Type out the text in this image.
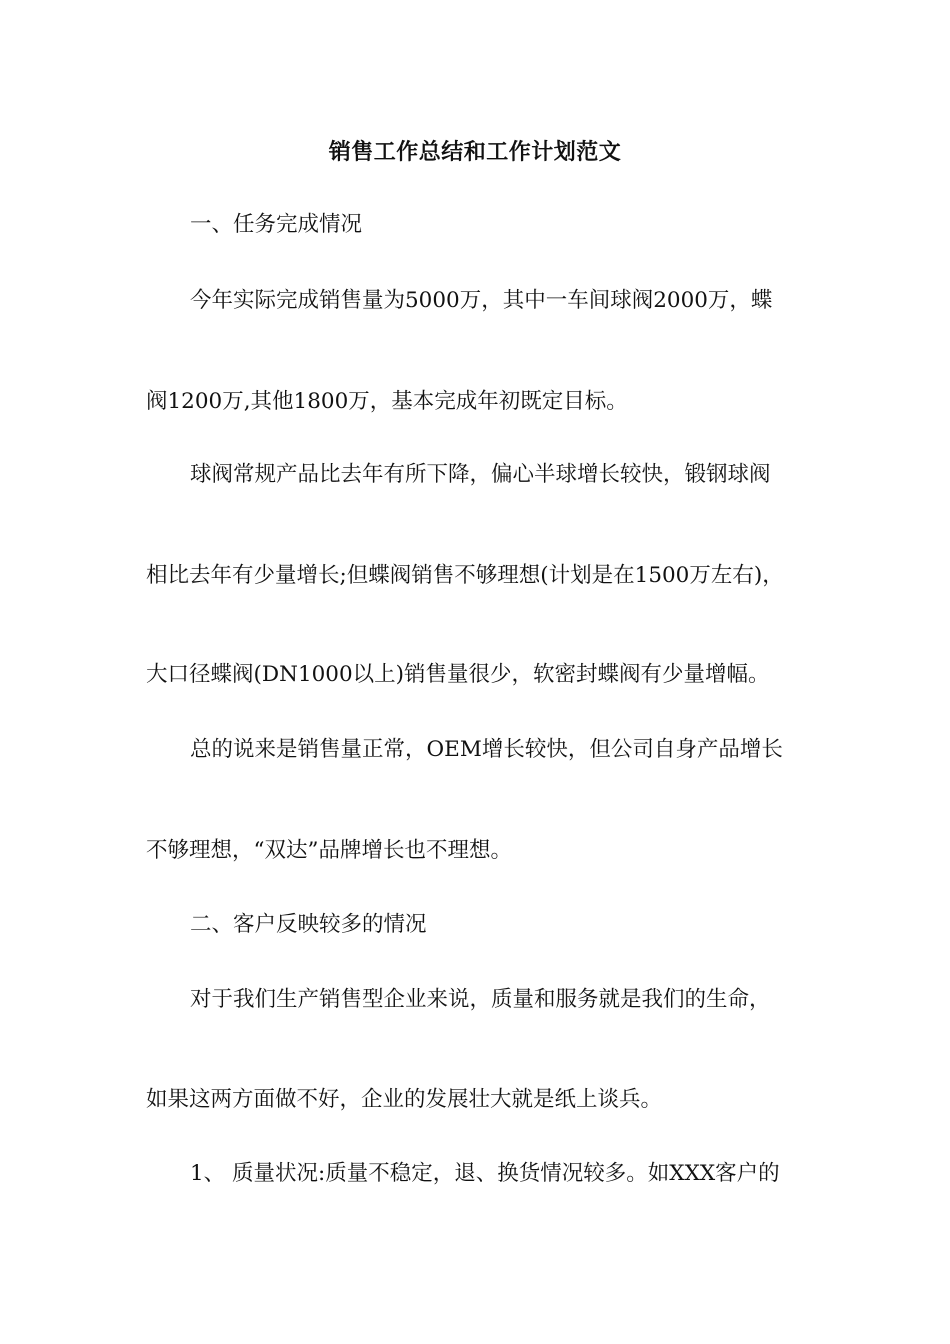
销售工作总结和工作计划范文
一、任务完成情况
今年实际完成销售量为5000万，其中一车间球阀2000万，蝶
阀1200万,其他1800万，基本完成年初既定目标。
球阀常规产品比去年有所下降，偏心半球增长较快，锻钢球阀
相比去年有少量增长;但蝶阀销售不够理想(计划是在1500万左右)，
大口径蝶阀(DN1000以上)销售量很少，软密封蝶阀有少量增幅。
总的说来是销售量正常，OEM增长较快，但公司自身产品增长
不够理想，“双达”品牌增长也不理想。
二、客户反映较多的情况
对于我们生产销售型企业来说，质量和服务就是我们的生命，
如果这两方面做不好，企业的发展壮大就是纸上谈兵。
1、 质量状况:质量不稳定，退、换货情况较多。如XXX客户的
